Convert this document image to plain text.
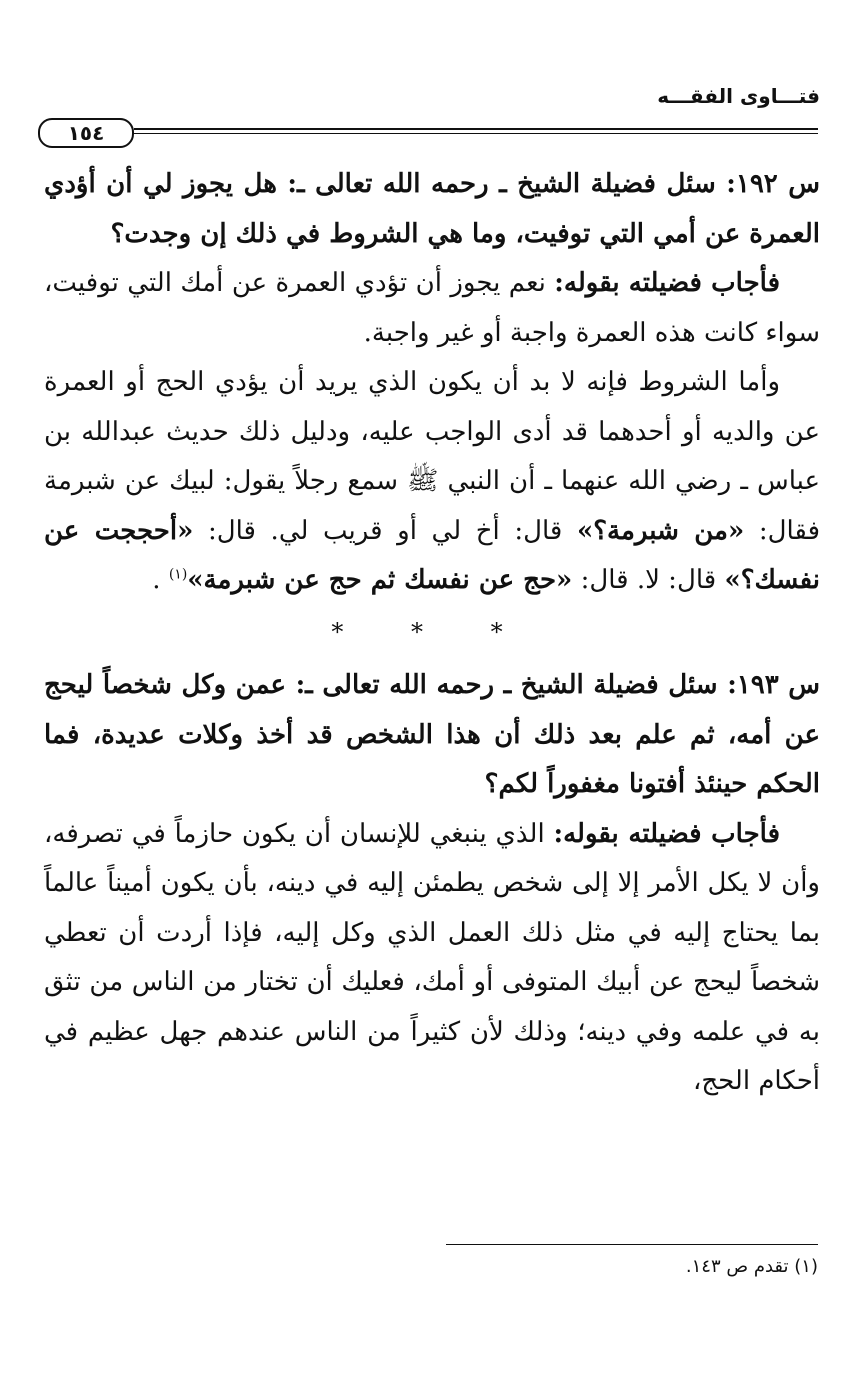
فتـــاوى الفقـــه
١٥٤

س ١٩٢: سئل فضيلة الشيخ ـ رحمه الله تعالى ـ: هل يجوز لي أن أؤدي العمرة عن أمي التي توفيت، وما هي الشروط في ذلك إن وجدت؟

فأجاب فضيلته بقوله: نعم يجوز أن تؤدي العمرة عن أمك التي توفيت، سواء كانت هذه العمرة واجبة أو غير واجبة.

وأما الشروط فإنه لا بد أن يكون الذي يريد أن يؤدي الحج أو العمرة عن والديه أو أحدهما قد أدى الواجب عليه، ودليل ذلك حديث عبدالله بن عباس ـ رضي الله عنهما ـ أن النبي ﷺ سمع رجلاً يقول: لبيك عن شبرمة فقال: «من شبرمة؟» قال: أخ لي أو قريب لي. قال: «أحججت عن نفسك؟» قال: لا. قال: «حج عن نفسك ثم حج عن شبرمة»$^{(١)}$ .

* * *

س ١٩٣: سئل فضيلة الشيخ ـ رحمه الله تعالى ـ: عمن وكل شخصاً ليحج عن أمه، ثم علم بعد ذلك أن هذا الشخص قد أخذ وكلات عديدة، فما الحكم حينئذ أفتونا مغفوراً لكم؟

فأجاب فضيلته بقوله: الذي ينبغي للإنسان أن يكون حازماً في تصرفه، وأن لا يكل الأمر إلا إلى شخص يطمئن إليه في دينه، بأن يكون أميناً عالماً بما يحتاج إليه في مثل ذلك العمل الذي وكل إليه، فإذا أردت أن تعطي شخصاً ليحج عن أبيك المتوفى أو أمك، فعليك أن تختار من الناس من تثق به في علمه وفي دينه؛ وذلك لأن كثيراً من الناس عندهم جهل عظيم في أحكام الحج،

(١) تقدم ص ١٤٣.
